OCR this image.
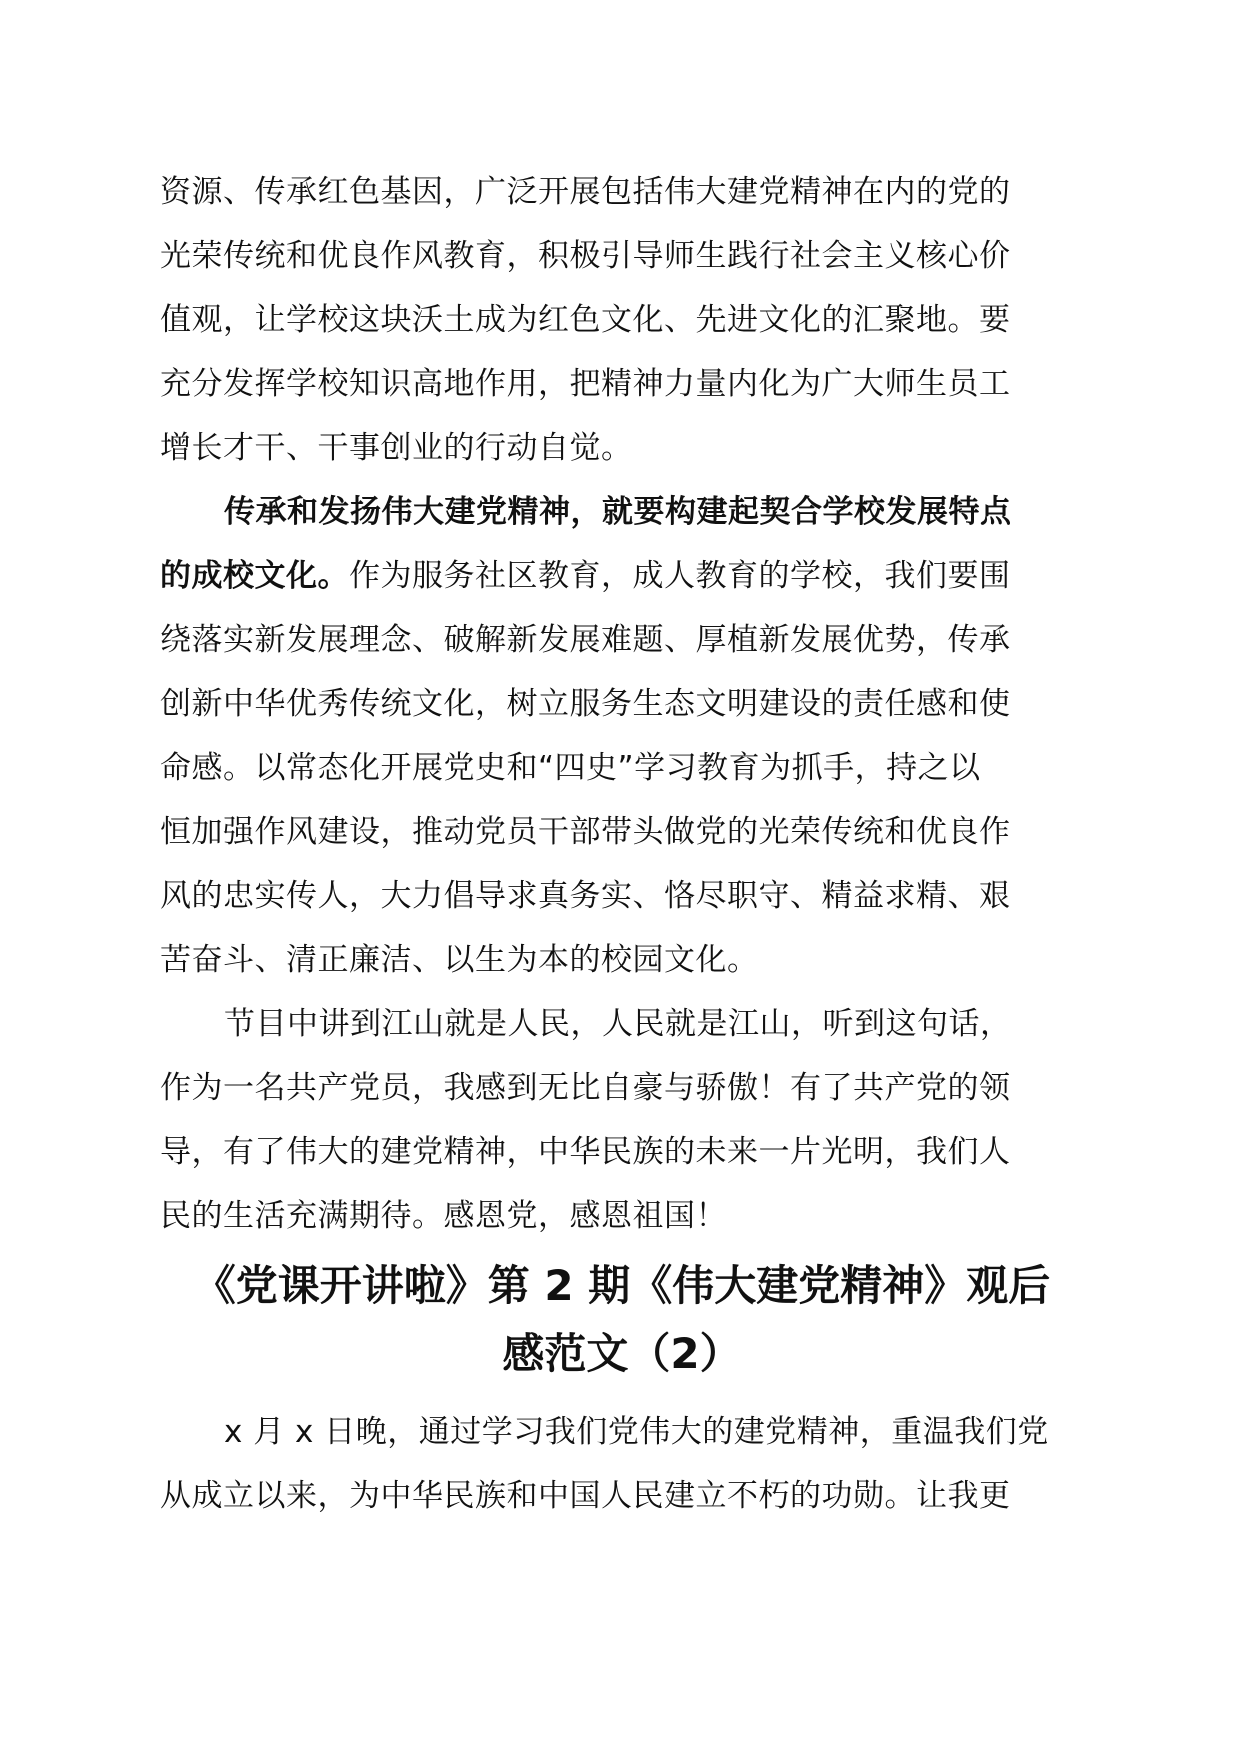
资源、传承红色基因，广泛开展包括伟大建党精神在内的党的
光荣传统和优良作风教育，积极引导师生践行社会主义核心价
值观，让学校这块沃土成为红色文化、先进文化的汇聚地。要
充分发挥学校知识高地作用，把精神力量内化为广大师生员工
增长才干、干事创业的行动自觉。
传承和发扬伟大建党精神，就要构建起契合学校发展特点
的成校文化。作为服务社区教育，成人教育的学校，我们要围
绕落实新发展理念、破解新发展难题、厚植新发展优势，传承
创新中华优秀传统文化，树立服务生态文明建设的责任感和使
命感。以常态化开展党史和“四史”学习教育为抓手，持之以
恒加强作风建设，推动党员干部带头做党的光荣传统和优良作
风的忠实传人，大力倡导求真务实、恪尽职守、精益求精、艰
苦奋斗、清正廉洁、以生为本的校园文化。
节目中讲到江山就是人民，人民就是江山，听到这句话，
作为一名共产党员，我感到无比自豪与骄傲！有了共产党的领
导，有了伟大的建党精神，中华民族的未来一片光明，我们人
民的生活充满期待。感恩党，感恩祖国！
《党课开讲啦》第 2 期《伟大建党精神》观后
感范文（2）
x 月 x 日晚，通过学习我们党伟大的建党精神，重温我们党
从成立以来，为中华民族和中国人民建立不朽的功勋。让我更
